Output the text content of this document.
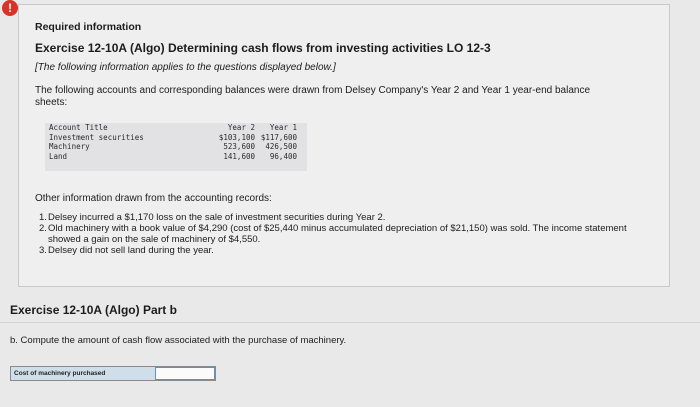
!
Required information
Exercise 12-10A (Algo) Determining cash flows from investing activities LO 12-3
[The following information applies to the questions displayed below.]
The following accounts and corresponding balances were drawn from Delsey Company's Year 2 and Year 1 year-end balance sheets:
Account Title	Year 2	Year 1
Investment securities	$103,100	$117,600
Machinery	523,600	426,500
Land	141,600	96,400
Other information drawn from the accounting records:
1. Delsey incurred a $1,170 loss on the sale of investment securities during Year 2.
2. Old machinery with a book value of $4,290 (cost of $25,440 minus accumulated depreciation of $21,150) was sold. The income statement showed a gain on the sale of machinery of $4,550.
3. Delsey did not sell land during the year.
Exercise 12-10A (Algo) Part b
b. Compute the amount of cash flow associated with the purchase of machinery.
Cost of machinery purchased
